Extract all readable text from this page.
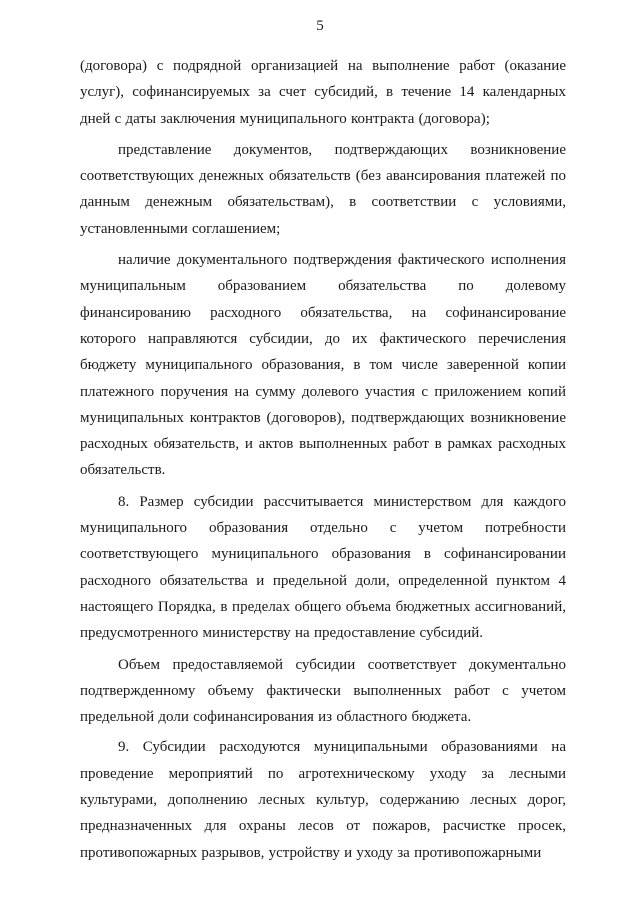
5

(договора) с подрядной организацией на выполнение работ (оказание услуг), софинансируемых за счет субсидий, в течение 14 календарных дней с даты заключения муниципального контракта (договора);

представление документов, подтверждающих возникновение соответствующих денежных обязательств (без авансирования платежей по данным денежным обязательствам), в соответствии с условиями, установленными соглашением;

наличие документального подтверждения фактического исполнения муниципальным образованием обязательства по долевому финансированию расходного обязательства, на софинансирование которого направляются субсидии, до их фактического перечисления бюджету муниципального образования, в том числе заверенной копии платежного поручения на сумму долевого участия с приложением копий муниципальных контрактов (договоров), подтверждающих возникновение расходных обязательств, и актов выполненных работ в рамках расходных обязательств.

8. Размер субсидии рассчитывается министерством для каждого муниципального образования отдельно с учетом потребности соответствующего муниципального образования в софинансировании расходного обязательства и предельной доли, определенной пунктом 4 настоящего Порядка, в пределах общего объема бюджетных ассигнований, предусмотренного министерству на предоставление субсидий.

Объем предоставляемой субсидии соответствует документально подтвержденному объему фактически выполненных работ с учетом предельной доли софинансирования из областного бюджета.

9. Субсидии расходуются муниципальными образованиями на проведение мероприятий по агротехническому уходу за лесными культурами, дополнению лесных культур, содержанию лесных дорог, предназначенных для охраны лесов от пожаров, расчистке просек, противопожарных разрывов, устройству и уходу за противопожарными
